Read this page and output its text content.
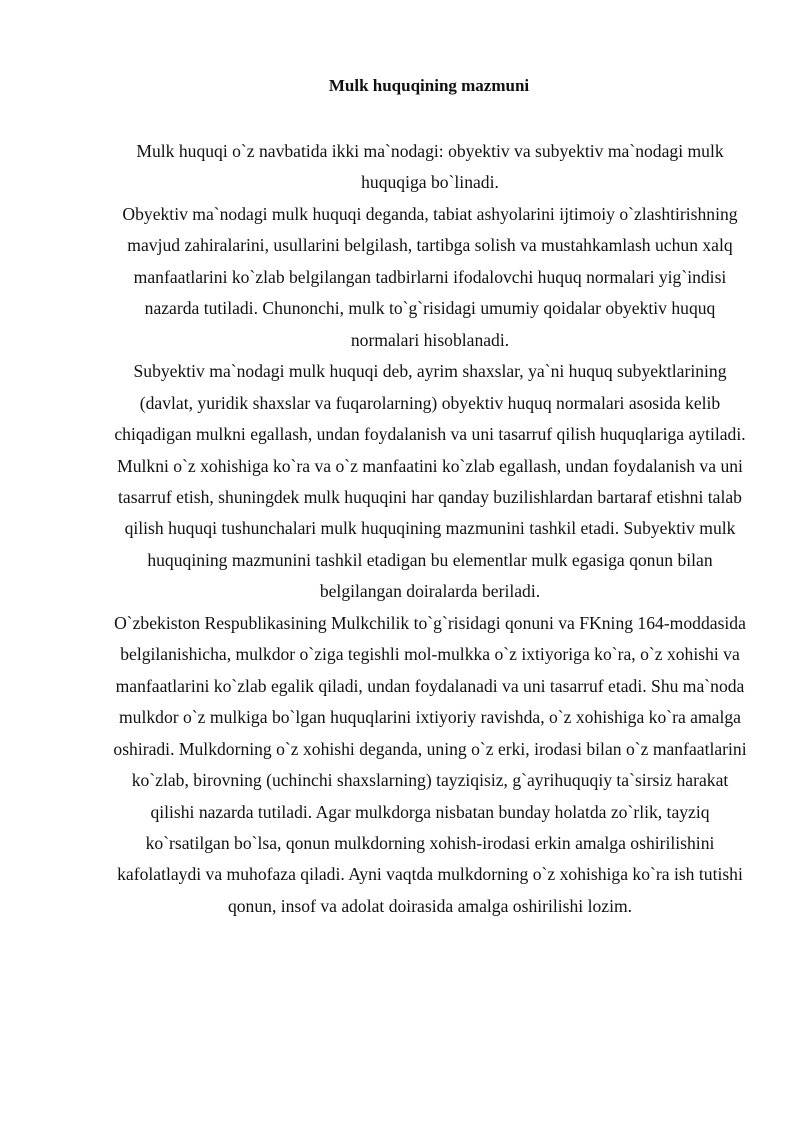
Mulk huquqining mazmuni

Mulk huquqi o`z navbatida ikki ma`nodagi: obyektiv va subyektiv ma`nodagi mulk huquqiga bo`linadi.

Obyektiv ma`nodagi mulk huquqi deganda, tabiat ashyolarini ijtimoiy o`zlashtirishning mavjud zahiralarini, usullarini belgilash, tartibga solish va mustahkamlash uchun xalq manfaatlarini ko`zlab belgilangan tadbirlarni ifodalovchi huquq normalari yig`indisi nazarda tutiladi. Chunonchi, mulk to`g`risidagi umumiy qoidalar obyektiv huquq normalari hisoblanadi.

Subyektiv ma`nodagi mulk huquqi deb, ayrim shaxslar, ya`ni huquq subyektlarining (davlat, yuridik shaxslar va fuqarolarning) obyektiv huquq normalari asosida kelib chiqadigan mulkni egallash, undan foydalanish va uni tasarruf qilish huquqlariga aytiladi.

Mulkni o`z xohishiga ko`ra va o`z manfaatini ko`zlab egallash, undan foydalanish va uni tasarruf etish, shuningdek mulk huquqini har qanday buzilishlardan bartaraf etishni talab qilish huquqi tushunchalari mulk huquqining mazmunini tashkil etadi. Subyektiv mulk huquqining mazmunini tashkil etadigan bu elementlar mulk egasiga qonun bilan belgilangan doiralarda beriladi.

O`zbekiston Respublikasining Mulkchilik to`g`risidagi qonuni va FKning 164-moddasida belgilanishicha, mulkdor o`ziga tegishli mol-mulkka o`z ixtiyoriga ko`ra, o`z xohishi va manfaatlarini ko`zlab egalik qiladi, undan foydalanadi va uni tasarruf etadi. Shu ma`noda mulkdor o`z mulkiga bo`lgan huquqlarini ixtiyoriy ravishda, o`z xohishiga ko`ra amalga oshiradi. Mulkdorning o`z xohishi deganda, uning o`z erki, irodasi bilan o`z manfaatlarini ko`zlab, birovning (uchinchi shaxslarning) tayziqisiz, g`ayrihuquqiy ta`sirsiz harakat qilishi nazarda tutiladi. Agar mulkdorga nisbatan bunday holatda zo`rlik, tayziq ko`rsatilgan bo`lsa, qonun mulkdorning xohish-irodasi erkin amalga oshirilishini kafolatlaydi va muhofaza qiladi. Ayni vaqtda mulkdorning o`z xohishiga ko`ra ish tutishi qonun, insof va adolat doirasida amalga oshirilishi lozim.
